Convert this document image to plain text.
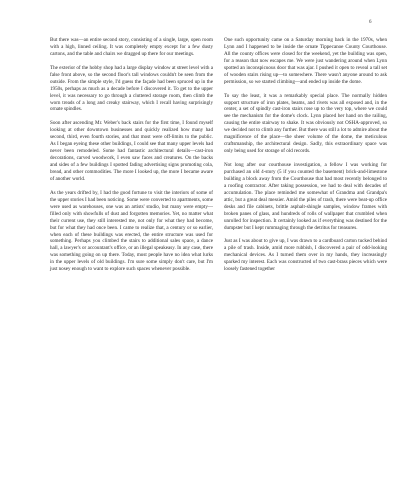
6

But there was—an entire second story, consisting of a single, large, open room with a high, linned ceiling. It was completely empty except for a few dusty cartons, and the table and chairs we dragged up there for our meetings.

The exterior of the hobby shop had a large display window at street level with a false front above, so the second floor's tall windows couldn't be seen from the outside. From the simple style, I'd guess the façade had been spruced up in the 1950s, perhaps as much as a decade before I discovered it. To get to the upper level, it was necessary to go through a cluttered storage room, then climb the worn treads of a long and creaky stairway, which I recall having surprisingly ornate spindles.

Soon after ascending Mr. Weber's back stairs for the first time, I found myself looking at other downtown businesses and quickly realized how many had second, third, even fourth stories, and that most were off-limits to the public. As I began eyeing these other buildings, I could see that many upper levels had never been remodeled. Some had fantastic architectural details—cast-iron decorations, carved woodwork, I even saw faces and creatures. On the backs and sides of a few buildings I spotted fading advertising signs promoting cola, bread, and other commodities. The more I looked up, the more I became aware of another world.

As the years drifted by, I had the good fortune to visit the interiors of some of the upper stories I had been noticing. Some were converted to apartments, some were used as warehouses, one was an artists' studio, but many were empty—filled only with showfulls of dust and forgotten memories. Yet, no matter what their current use, they still interested me, not only for what they had become, but for what they had once been. I came to realize that, a century or so earlier, when each of these buildings was erected, the entire structure was used for something. Perhaps you climbed the stairs to additional sales space, a dance hall, a lawyer's or accountant's office, or an illegal speakeasy. In any case, there was something going on up there. Today, most people have no idea what lurks in the upper levels of old buildings. I'm sure some simply don't care, but I'm just nosey enough to want to explore such spaces whenever possible.

One such opportunity came on a Saturday morning back in the 1970s, when Lynn and I happened to be inside the ornate Tippecanoe County Courthouse. All the county offices were closed for the weekend, yet the building was open, for a reason that now escapes me. We were just wandering around when Lynn spotted an inconspicuous door that was ajar. I pushed it open to reveal a tall set of wooden stairs rising up—to somewhere. There wasn't anyone around to ask permission, so we started climbing—and ended up inside the dome.

To say the least, it was a remarkably special place. The normally hidden support structure of iron plates, beams, and rivets was all exposed and, in the center, a set of spindly cast-iron stairs rose up to the very top, where we could see the mechanism for the dome's clock. Lynn placed her hand on the railing, causing the entire stairway to shake. It was obviously not OSHA-approved, so we decided not to climb any further. But there was still a lot to admire about the magnificence of the place—the sheer volume of the dome, the meticulous craftsmanship, the architectural design. Sadly, this extraordinary space was only being used for storage of old records.

Not long after our courthouse investigation, a fellow I was working for purchased an old 4-story (5 if you counted the basement) brick-and-limestone building a block away from the Courthouse that had most recently belonged to a roofing contractor. After taking possession, we had to deal with decades of accumulation. The place reminded me somewhat of Grandma and Grandpa's attic, but a great deal messier. Amid the piles of trash, there were beat-up office desks and file cabinets, brittle asphalt-shingle samples, window frames with broken panes of glass, and hundreds of rolls of wallpaper that crumbled when unrolled for inspection. It certainly looked as if everything was destined for the dumpster but I kept rummaging through the detritus for treasures.

Just as I was about to give up, I was drawn to a cardboard carton tucked behind a pile of trash. Inside, amid more rubbish, I discovered a pair of odd-looking mechanical devices. As I turned them over in my hands, they increasingly sparked my interest. Each was constructed of two cast-brass pieces which were loosely fastened together
